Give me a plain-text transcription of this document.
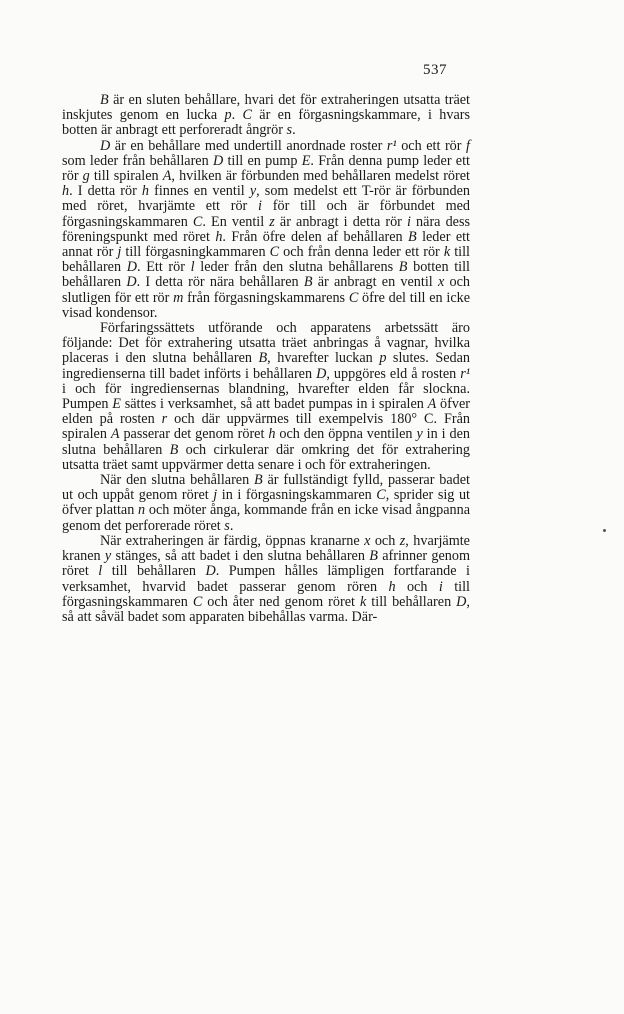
537

B är en sluten behållare, hvari det för extraheringen utsatta träet inskjutes genom en lucka p. C är en förgasningskammare, i hvars botten är anbragt ett perforeradt ångrör s.

D är en behållare med undertill anordnade roster r¹ och ett rör f som leder från behållaren D till en pump E. Från denna pump leder ett rör g till spiralen A, hvilken är förbunden med behållaren medelst röret h. I detta rör h finnes en ventil y, som medelst ett T-rör är förbunden med röret, hvarjämte ett rör i för till och är förbundet med förgasningskammaren C. En ventil z är anbragt i detta rör i nära dess föreningspunkt med röret h. Från öfre delen af behållaren B leder ett annat rör j till förgasningkammaren C och från denna leder ett rör k till behållaren D. Ett rör l leder från den slutna behållarens B botten till behållaren D. I detta rör nära behållaren B är anbragt en ventil x och slutligen för ett rör m från förgasningskammarens C öfre del till en icke visad kondensor.

Förfaringssättets utförande och apparatens arbetssätt äro följande: Det för extrahering utsatta träet anbringas å vagnar, hvilka placeras i den slutna behållaren B, hvarefter luckan p slutes. Sedan ingredienserna till badet införts i behållaren D, uppgöres eld å rosten r¹ i och för ingrediensernas blandning, hvarefter elden får slockna. Pumpen E sättes i verksamhet, så att badet pumpas in i spiralen A öfver elden på rosten r och där uppvärmes till exempelvis 180° C. Från spiralen A passerar det genom röret h och den öppna ventilen y in i den slutna behållaren B och cirkulerar där omkring det för extrahering utsatta träet samt uppvärmer detta senare i och för extraheringen.

När den slutna behållaren B är fullständigt fylld, passerar badet ut och uppåt genom röret j in i förgasningskammaren C, sprider sig ut öfver plattan n och möter ånga, kommande från en icke visad ångpanna genom det perforerade röret s.

När extraheringen är färdig, öppnas kranarne x och z, hvarjämte kranen y stänges, så att badet i den slutna behållaren B afrinner genom röret l till behållaren D. Pumpen hålles lämpligen fortfarande i verksamhet, hvarvid badet passerar genom rören h och i till förgasningskammaren C och åter ned genom röret k till behållaren D, så att såväl badet som apparaten bibehållas varma. Där-
